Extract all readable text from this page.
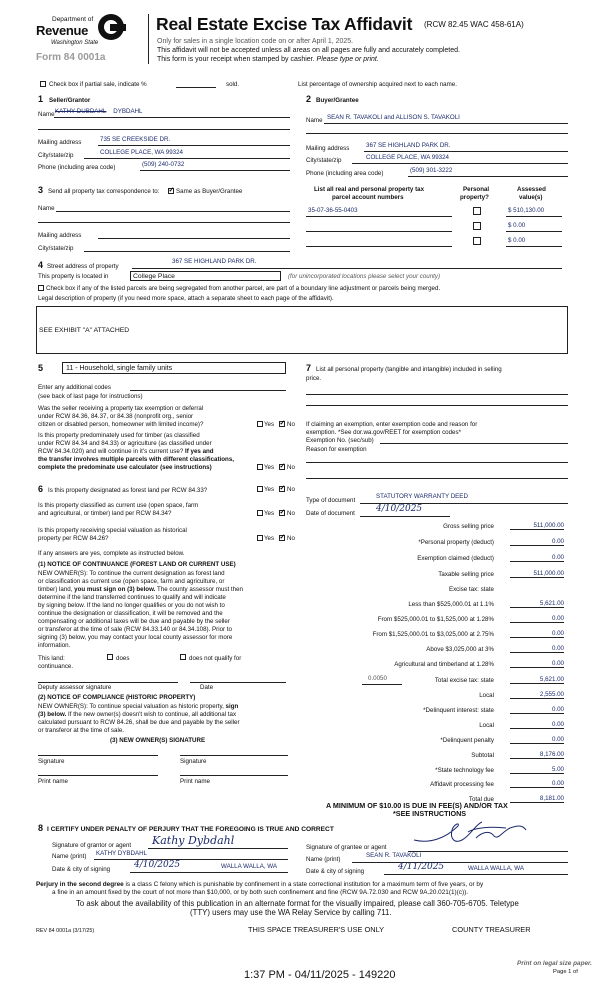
Department of
Revenue
Washington State
Form 84 0001a
Real Estate Excise Tax Affidavit (RCW 82.45 WAC 458-61A)
Only for sales in a single location code on or after April 1, 2025.
This affidavit will not be accepted unless all areas on all pages are fully and accurately completed.
This form is your receipt when stamped by cashier. Please type or print.
Check box if partial sale, indicate %	sold.	List percentage of ownership acquired next to each name.
1 Seller/Grantor
Name KATHY DUBDAHL DYBDAHL
Mailing address	735 SE CREEKSIDE DR.
City/state/zip	COLLEGE PLACE, WA 99324
Phone (including area code)	(509) 240-0732
2 Buyer/Grantee
Name SEAN R. TAVAKOLI and ALLISON S. TAVAKOLI
Mailing address	367 SE HIGHLAND PARK DR.
City/state/zip	COLLEGE PLACE, WA 99324
Phone (including area code)	(509) 301-3222
3 Send all property tax correspondence to: ✓	Same as Buyer/Grantee
Name
Mailing address
City/state/zip
List all real and personal property tax
parcel account numbers
Personal
property?
Assessed
value(s)
35-07-36-55-0403	$ 510,130.00
$ 0.00
$ 0.00
4 Street address of property
367 SE HIGHLAND PARK DR.
This property is located in	College Place	(for unincorporated locations please select your county)
Check box if any of the listed parcels are being segregated from another parcel, are part of a boundary line adjustment or parcels being merged.
Legal description of property (if you need more space, attach a separate sheet to each page of the affidavit).
SEE EXHIBIT "A" ATTACHED
5	11 - Household, single family units
Enter any additional codes
(see back of last page for instructions)
Was the seller receiving a property tax exemption or deferral
under RCW 84.36, 84.37, or 84.38 (nonprofit org., senior
citizen or disabled person, homeowner with limited income)?	Yes ✓ No
Is this property predominately used for timber (as classified
under RCW 84.34 and 84.33) or agriculture (as classified under
RCW 84.34.020) and will continue in it's current use? If yes and
the transfer involves multiple parcels with different classifications,
complete the predominate use calculator (see instructions)	Yes ✓ No
6 Is this property designated as forest land per RCW 84.33?	Yes ✓ No
Is this property classified as current use (open space, farm
and agricultural, or timber) land per RCW 84.34?	Yes ✓ No
Is this property receiving special valuation as historical
property per RCW 84.26?	Yes ✓ No
If any answers are yes, complete as instructed below.
(1) NOTICE OF CONTINUANCE (FOREST LAND OR CURRENT USE)
NEW OWNER(S): To continue the current designation as forest land
or classification as current use (open space, farm and agriculture, or
timber) land, you must sign on (3) below. The county assessor must then
determine if the land transferred continues to qualify and will indicate
by signing below. If the land no longer qualifies or you do not wish to
continue the designation or classification, it will be removed and the
compensating or additional taxes will be due and payable by the seller
or transferor at the time of sale (RCW 84.33.140 or 84.34.108). Prior to
signing (3) below, you may contact your local county assessor for more
information.
This land:	does	does not qualify for
continuance.
Deputy assessor signature	Date
(2) NOTICE OF COMPLIANCE (HISTORIC PROPERTY)
NEW OWNER(S): To continue special valuation as historic property, sign
(3) below. If the new owner(s) doesn't wish to continue, all additional tax
calculated pursuant to RCW 84.26, shall be due and payable by the seller
or transferor at the time of sale.
(3) NEW OWNER(S) SIGNATURE
Signature	Signature
Print name	Print name
7 List all personal property (tangible and intangible) included in selling
price.
If claiming an exemption, enter exemption code and reason for
exemption. *See dor.wa.gov/REET for exemption codes*
Exemption No. (sec/sub)
Reason for exemption
Type of document
STATUTORY WARRANTY DEED
Date of document 4/10/2025
Gross selling price	511,000.00
*Personal property (deduct)	0.00
Exemption claimed (deduct)	0.00
Taxable selling price	511,000.00
Excise tax: state
Less than $525,000.01 at 1.1%	5,621.00
From $525,000.01 to $1,525,000 at 1.28%	0.00
From $1,525,000.01 to $3,025,000 at 2.75%	0.00
Above $3,025,000 at 3%	0.00
Agricultural and timberland at 1.28%	0.00
Total excise tax: state	5,621.00
Local	2,555.00
*Delinquent interest: state	0.00
Local	0.00
*Delinquent penalty	0.00
Subtotal	8,176.00
*State technology fee	5.00
Affidavit processing fee	0.00
Total due	8,181.00
0.0050
A MINIMUM OF $10.00 IS DUE IN FEE(S) AND/OR TAX
*SEE INSTRUCTIONS
8 I CERTIFY UNDER PENALTY OF PERJURY THAT THE FOREGOING IS TRUE AND CORRECT
Signature of grantor or agent Kathy Dybdahl
Name (print) KATHY DYBDAHL
Date & city of signing	4/10/2025	WALLA WALLA, WA
Signature of grantee or agent
Name (print)
SEAN R. TAVAKOLI
Date & city of signing	4/11/2025	WALLA WALLA, WA
Perjury in the second degree is a class C felony which is punishable by confinement in a state correctional institution for a maximum term of five years, or by
a fine in an amount fixed by the court of not more than $10,000, or by both such confinement and fine (RCW 9A.72.030 and RCW 9A.20.021(1)(c)).
To ask about the availability of this publication in an alternate format for the visually impaired, please call 360-705-6705. Teletype
(TTY) users may use the WA Relay Service by calling 711.
REV 84 0001a (3/17/25)	THIS SPACE TREASURER'S USE ONLY	COUNTY TREASURER
Print on legal size paper.
Page 1 of
1:37 PM - 04/11/2025 - 149220
